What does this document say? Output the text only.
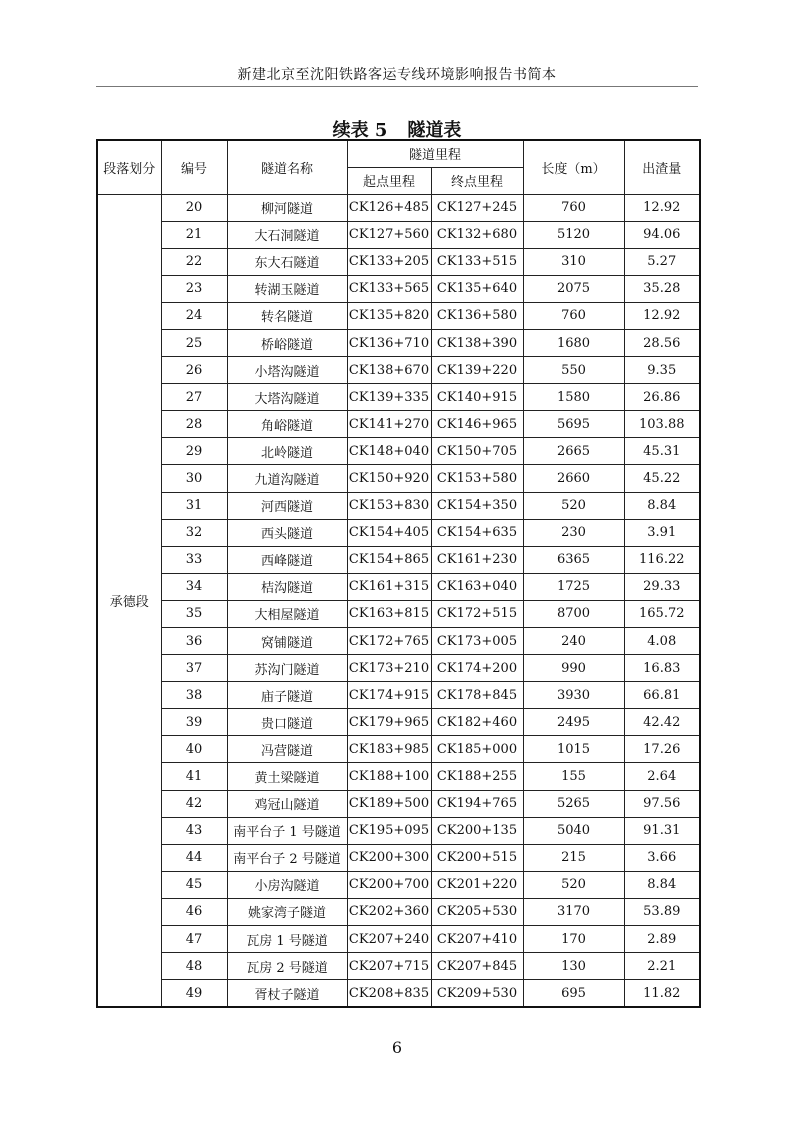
新建北京至沈阳铁路客运专线环境影响报告书简本
续表 5 隧道表
段落划分	编号	隧道名称	隧道里程		长度（m）	出渣量
			起点里程	终点里程		
承德段	20	柳河隧道	CK126+485	CK127+245	760	12.92
	21	大石洞隧道	CK127+560	CK132+680	5120	94.06
	22	东大石隧道	CK133+205	CK133+515	310	5.27
	23	转湖玉隧道	CK133+565	CK135+640	2075	35.28
	24	转名隧道	CK135+820	CK136+580	760	12.92
	25	桥峪隧道	CK136+710	CK138+390	1680	28.56
	26	小塔沟隧道	CK138+670	CK139+220	550	9.35
	27	大塔沟隧道	CK139+335	CK140+915	1580	26.86
	28	角峪隧道	CK141+270	CK146+965	5695	103.88
	29	北岭隧道	CK148+040	CK150+705	2665	45.31
	30	九道沟隧道	CK150+920	CK153+580	2660	45.22
	31	河西隧道	CK153+830	CK154+350	520	8.84
	32	西头隧道	CK154+405	CK154+635	230	3.91
	33	西峰隧道	CK154+865	CK161+230	6365	116.22
	34	桔沟隧道	CK161+315	CK163+040	1725	29.33
	35	大相屋隧道	CK163+815	CK172+515	8700	165.72
	36	窝铺隧道	CK172+765	CK173+005	240	4.08
	37	苏沟门隧道	CK173+210	CK174+200	990	16.83
	38	庙子隧道	CK174+915	CK178+845	3930	66.81
	39	贵口隧道	CK179+965	CK182+460	2495	42.42
	40	冯营隧道	CK183+985	CK185+000	1015	17.26
	41	黄土梁隧道	CK188+100	CK188+255	155	2.64
	42	鸡冠山隧道	CK189+500	CK194+765	5265	97.56
	43	南平台子 1 号隧道	CK195+095	CK200+135	5040	91.31
	44	南平台子 2 号隧道	CK200+300	CK200+515	215	3.66
	45	小房沟隧道	CK200+700	CK201+220	520	8.84
	46	姚家湾子隧道	CK202+360	CK205+530	3170	53.89
	47	瓦房 1 号隧道	CK207+240	CK207+410	170	2.89
	48	瓦房 2 号隧道	CK207+715	CK207+845	130	2.21
	49	胥杖子隧道	CK208+835	CK209+530	695	11.82
6
